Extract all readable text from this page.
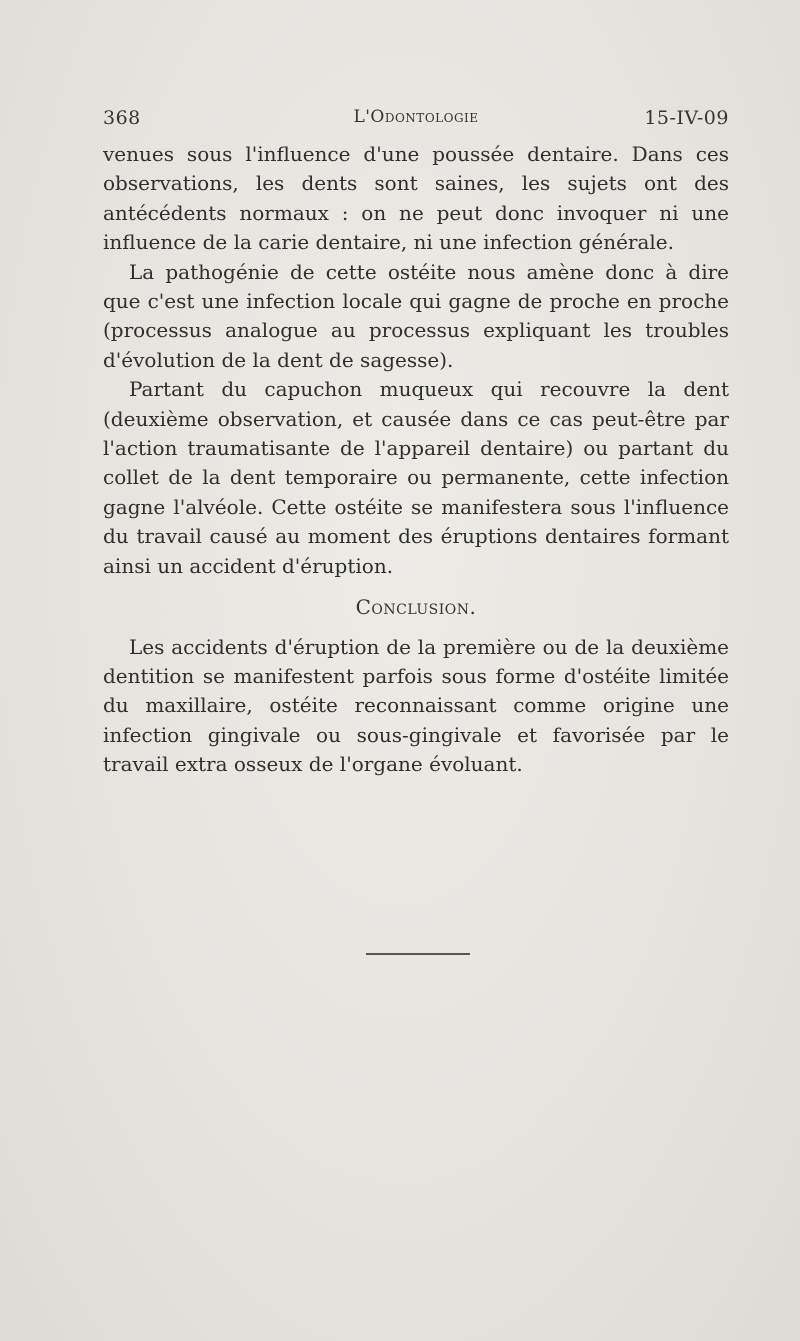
368	L'Odontologie	15-IV-09

venues sous l'influence d'une poussée dentaire. Dans ces observations, les dents sont saines, les sujets ont des antécédents normaux : on ne peut donc invoquer ni une influence de la carie dentaire, ni une infection générale.

La pathogénie de cette ostéite nous amène donc à dire que c'est une infection locale qui gagne de proche en proche (processus analogue au processus expliquant les troubles d'évolution de la dent de sagesse).

Partant du capuchon muqueux qui recouvre la dent (deuxième observation, et causée dans ce cas peut-être par l'action traumatisante de l'appareil dentaire) ou partant du collet de la dent temporaire ou permanente, cette infection gagne l'alvéole. Cette ostéite se manifestera sous l'influence du travail causé au moment des éruptions dentaires formant ainsi un accident d'éruption.

Conclusion.

Les accidents d'éruption de la première ou de la deuxième dentition se manifestent parfois sous forme d'ostéite limitée du maxillaire, ostéite reconnaissant comme origine une infection gingivale ou sous-gingivale et favorisée par le travail extra osseux de l'organe évoluant.
